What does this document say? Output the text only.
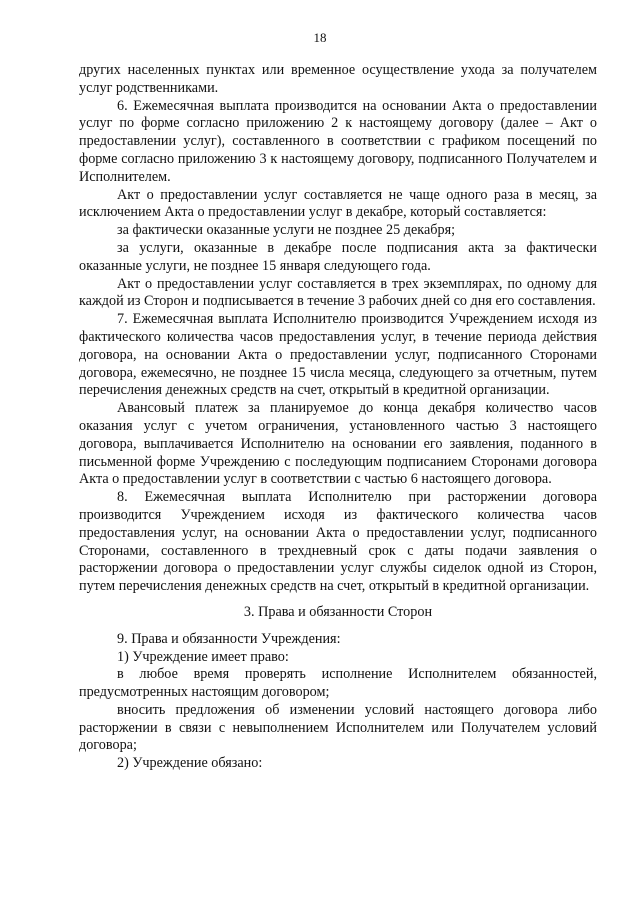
18

других населенных пунктах или временное осуществление ухода за получателем услуг родственниками.

6. Ежемесячная выплата производится на основании Акта о предоставлении услуг по форме согласно приложению 2 к настоящему договору (далее – Акт о предоставлении услуг), составленного в соответствии с графиком посещений по форме согласно приложению 3 к настоящему договору, подписанного Получателем и Исполнителем.

Акт о предоставлении услуг составляется не чаще одного раза в месяц, за исключением Акта о предоставлении услуг в декабре, который составляется:

за фактически оказанные услуги не позднее 25 декабря;

за услуги, оказанные в декабре после подписания акта за фактически оказанные услуги, не позднее 15 января следующего года.

Акт о предоставлении услуг составляется в трех экземплярах, по одному для каждой из Сторон и подписывается в течение 3 рабочих дней со дня его составления.

7. Ежемесячная выплата Исполнителю производится Учреждением исходя из фактического количества часов предоставления услуг, в течение периода действия договора, на основании Акта о предоставлении услуг, подписанного Сторонами договора, ежемесячно, не позднее 15 числа месяца, следующего за отчетным, путем перечисления денежных средств на счет, открытый в кредитной организации.

Авансовый платеж за планируемое до конца декабря количество часов оказания услуг с учетом ограничения, установленного частью 3 настоящего договора, выплачивается Исполнителю на основании его заявления, поданного в письменной форме Учреждению с последующим подписанием Сторонами договора Акта о предоставлении услуг в соответствии с частью 6 настоящего договора.

8. Ежемесячная выплата Исполнителю при расторжении договора производится Учреждением исходя из фактического количества часов предоставления услуг, на основании Акта о предоставлении услуг, подписанного Сторонами, составленного в трехдневный срок с даты подачи заявления о расторжении договора о предоставлении услуг службы сиделок одной из Сторон, путем перечисления денежных средств на счет, открытый в кредитной организации.

3. Права и обязанности Сторон

9. Права и обязанности Учреждения:

1) Учреждение имеет право:

в любое время проверять исполнение Исполнителем обязанностей, предусмотренных настоящим договором;

вносить предложения об изменении условий настоящего договора либо расторжении в связи с невыполнением Исполнителем или Получателем условий договора;

2) Учреждение обязано:
